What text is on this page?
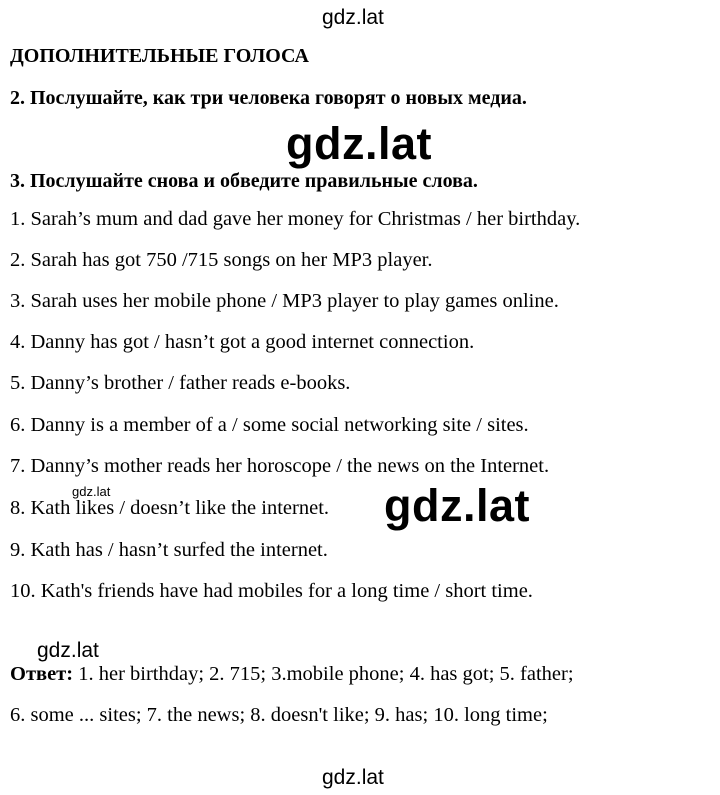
gdz.lat
ДОПОЛНИТЕЛЬНЫЕ ГОЛОСА
2. Послушайте, как три человека говорят о новых медиа.
gdz.lat
3. Послушайте снова и обведите правильные слова.
1. Sarah’s mum and dad gave her money for Christmas / her birthday.
2. Sarah has got 750 /715 songs on her MP3 player.
3. Sarah uses her mobile phone / MP3 player to play games online.
4. Danny has got / hasn’t got a good internet connection.
5. Danny’s brother / father reads e-books.
6. Danny is a member of a / some social networking site / sites.
7. Danny’s mother reads her horoscope / the news on the Internet.
gdz.lat
8. Kath likes / doesn’t like the internet. gdz.lat
9. Kath has / hasn’t surfed the internet.
10. Kath's friends have had mobiles for a long time / short time.
gdz.lat
Ответ: 1. her birthday; 2. 715; 3.mobile phone; 4. has got; 5. father;
6. some ... sites; 7. the news; 8. doesn't like; 9. has; 10. long time;
gdz.lat
